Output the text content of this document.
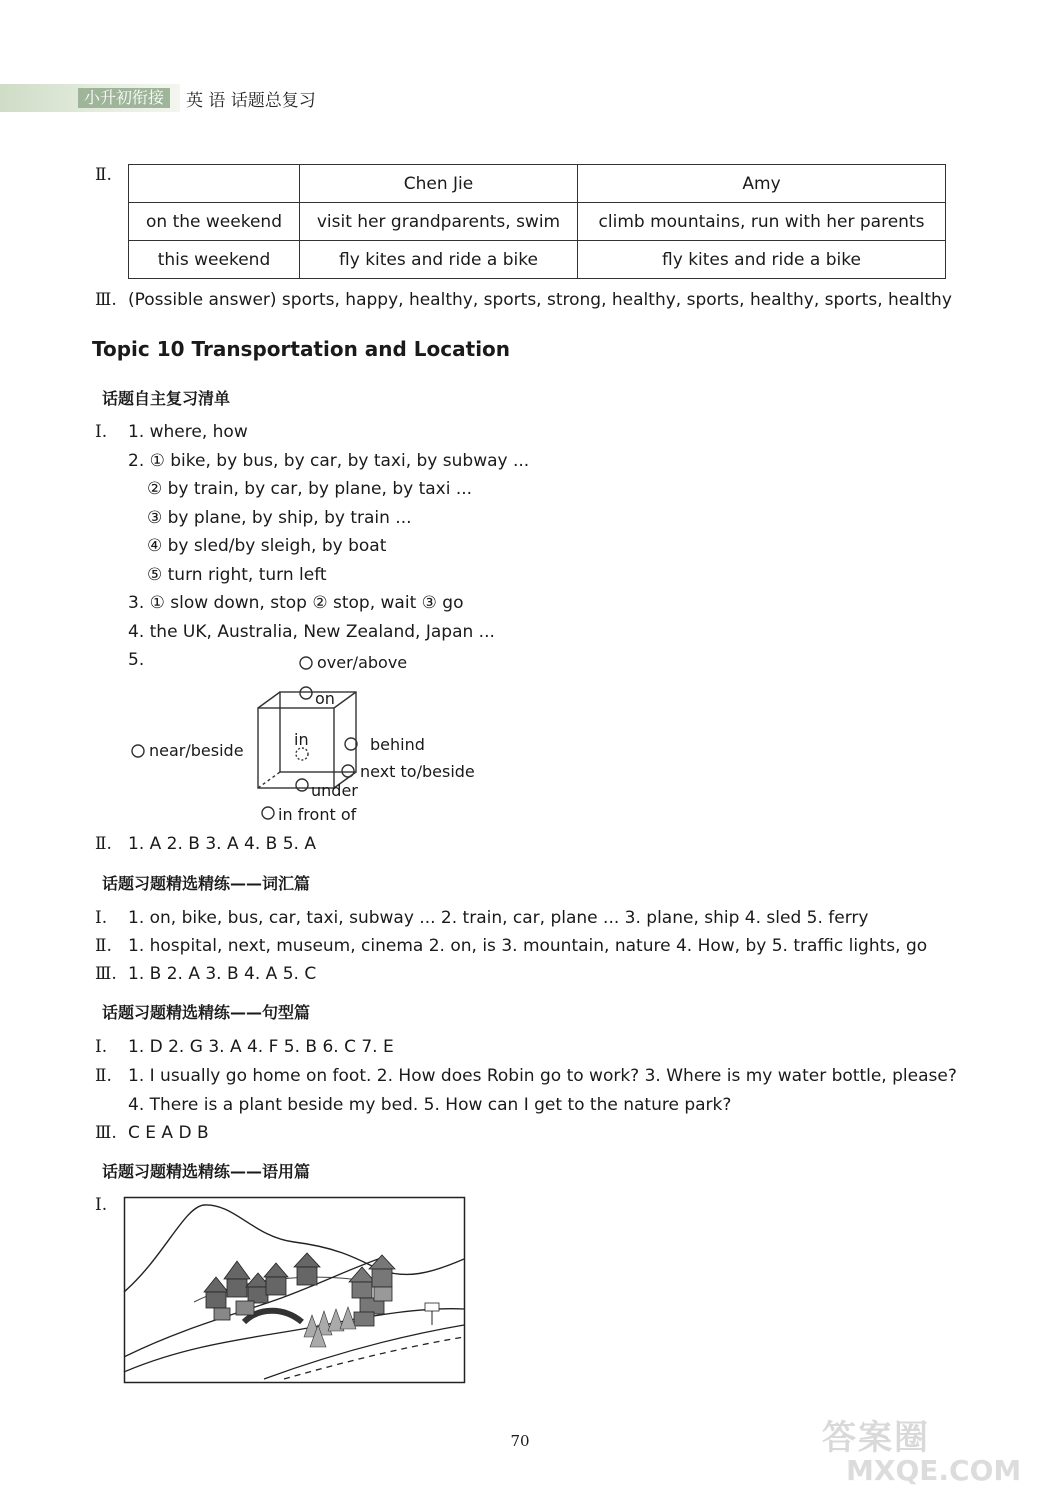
小升初衔接	英 语 话题总复习
Ⅱ.
		Chen Jie	Amy
on the weekend	visit her grandparents, swim	climb mountains, run with her parents
this weekend	fly kites and ride a bike	fly kites and ride a bike
Ⅲ. (Possible answer) sports, happy, healthy, sports, strong, healthy, sports, healthy, sports, healthy
Topic 10 Transportation and Location
话题自主复习清单
Ⅰ. 1. where, how
2. ① bike, by bus, by car, by taxi, by subway ...
② by train, by car, by plane, by taxi ...
③ by plane, by ship, by train ...
④ by sled/by sleigh, by boat
⑤ turn right, turn left
3. ① slow down, stop ② stop, wait ③ go
4. the UK, Australia, New Zealand, Japan ...
5.	over/above
on
in
near/beside	behind
next to/beside
under
in front of
Ⅱ. 1. A 2. B 3. A 4. B 5. A
话题习题精选精练——词汇篇
Ⅰ. 1. on, bike, bus, car, taxi, subway ... 2. train, car, plane ... 3. plane, ship 4. sled 5. ferry
Ⅱ. 1. hospital, next, museum, cinema 2. on, is 3. mountain, nature 4. How, by 5. traffic lights, go
Ⅲ. 1. B 2. A 3. B 4. A 5. C
话题习题精选精练——句型篇
Ⅰ. 1. D 2. G 3. A 4. F 5. B 6. C 7. E
Ⅱ. 1. I usually go home on foot. 2. How does Robin go to work? 3. Where is my water bottle, please?
4. There is a plant beside my bed. 5. How can I get to the nature park?
Ⅲ. C E A D B
话题习题精选精练——语用篇
Ⅰ.
70	答案圈
MXQE.COM
